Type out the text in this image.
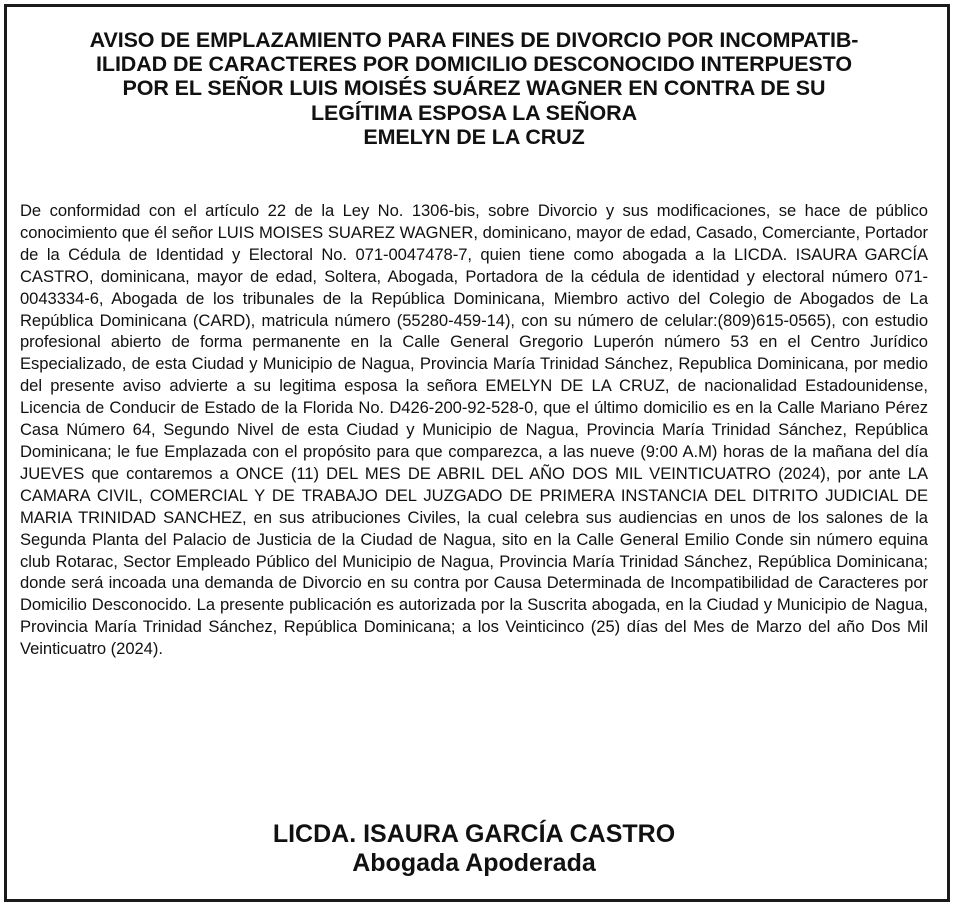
AVISO DE EMPLAZAMIENTO PARA FINES DE DIVORCIO POR INCOMPATIB-
ILIDAD DE CARACTERES POR DOMICILIO DESCONOCIDO INTERPUESTO
POR EL SEÑOR LUIS MOISÉS SUÁREZ WAGNER EN CONTRA DE SU
LEGÍTIMA ESPOSA LA SEÑORA
EMELYN DE LA CRUZ

De conformidad con el artículo 22 de la Ley No. 1306-bis, sobre Divorcio y sus modificaciones, se hace de público conocimiento que él señor LUIS MOISES SUAREZ WAGNER, dominicano, mayor de edad, Casado, Comerciante, Portador de la Cédula de Identidad y Electoral No. 071-0047478-7, quien tiene como abogada a la LICDA. ISAURA GARCÍA CASTRO, dominicana, mayor de edad, Soltera, Abogada, Portadora de la cédula de identidad y electoral número 071-0043334-6, Abogada de los tribunales de la República Dominicana, Miembro activo del Colegio de Abogados de La República Dominicana (CARD), matricula número (55280-459-14), con su número de celular:(809)615-0565), con estudio profesional abierto de forma permanente en la Calle General Gregorio Luperón número 53 en el Centro Jurídico Especializado, de esta Ciudad y Municipio de Nagua, Provincia María Trinidad Sánchez, Republica Dominicana, por medio del presente aviso advierte a su legitima esposa la señora EMELYN DE LA CRUZ, de nacionalidad Estadounidense, Licencia de Conducir de Estado de la Florida No. D426-200-92-528-0, que el último domicilio es en la Calle Mariano Pérez Casa Número 64, Segundo Nivel de esta Ciudad y Municipio de Nagua, Provincia María Trinidad Sánchez, República Dominicana; le fue Emplazada con el propósito para que comparezca, a las nueve (9:00 A.M) horas de la mañana del día JUEVES que contaremos a ONCE (11) DEL MES DE ABRIL DEL AÑO DOS MIL VEINTICUATRO (2024), por ante LA CAMARA CIVIL, COMERCIAL Y DE TRABAJO DEL JUZGADO DE PRIMERA INSTANCIA DEL DITRITO JUDICIAL DE MARIA TRINIDAD SANCHEZ, en sus atribuciones Civiles, la cual celebra sus audiencias en unos de los salones de la Segunda Planta del Palacio de Justicia de la Ciudad de Nagua, sito en la Calle General Emilio Conde sin número equina club Rotarac, Sector Empleado Público del Municipio de Nagua, Provincia María Trinidad Sánchez, República Dominicana; donde será incoada una demanda de Divorcio en su contra por Causa Determinada de Incompatibilidad de Caracteres por Domicilio Desconocido. La presente publicación es autorizada por la Suscrita abogada, en la Ciudad y Municipio de Nagua, Provincia María Trinidad Sánchez, República Dominicana; a los Veinticinco (25) días del Mes de Marzo del año Dos Mil Veinticuatro (2024).

LICDA. ISAURA GARCÍA CASTRO
Abogada Apoderada
